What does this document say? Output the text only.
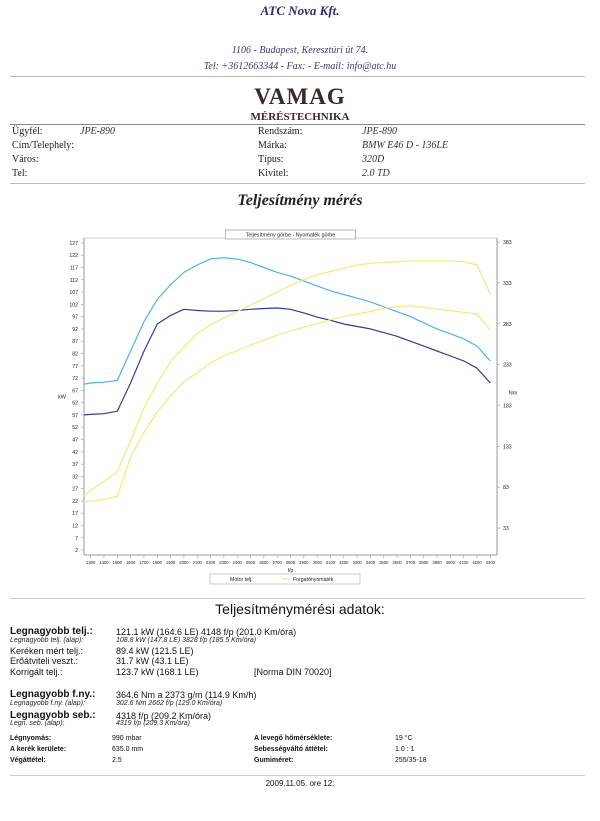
ATC Nova Kft.
1106 - Budapest, Keresztúri út 74.
Tel: +3612663344 - Fax: - E-mail: info@atc.hu
VAMAG
MÉRÉSTECHNIKA
Ügyfél:	JPE-890
Cím/Telephely:
Város:
Tel:
Rendszám:	JPE-890
Márka:	BMW E46 D - 136LE
Típus:	320D
Kivitel:	2.0 TD
Teljesítmény mérés
127
122
117
112
107
102
97
92
87
82
77
72
67
62
57
52
47
42
37
32
27
22
17
12
7
2
383
333
283
233
183
133
83
33
1300 1400 1500 1600 1700 1800 1900 2000 2100 2200 2300 2400 2500 2600 2700 2800 2900 3000 3100 3200 3300 3400 3500 3600 3700 3800 3900 4000 4100 4200 4300
kW
Nm
f/p
Teljesítmény görbe - Nyomaték görbe
Motor telj.	Forgatónyomaték
Teljesítménymérési adatok:
Legnagyobb telj.:	121.1 kW (164.6 LE) 4148 f/p (201.0 Km/óra)
Legnagyobb telj. (alap):	108.8 kW (147.8 LE) 3828 f/p (185.5 Km/óra)
Keréken mért telj.:	89.4 kW (121.5 LE)
Erőátviteli veszt.:	31.7 kW (43.1 LE)
Korrigált telj.:	123.7 kW (168.1 LE)	[Norma DIN 70020]
Legnagyobb f.ny.: 364.6 Nm a 2373 g/m (114.9 Km/h)
Legnagyobb f.ny. (alap):	302.6 Nm 2662 f/p (129.0 Km/óra)
Legnagyobb seb.: 4318 f/p (209.2 Km/óra)
Legn. seb. (alap):	4319 f/p (209.3 Km/óra)
Légnyomás:	990 mbar
A kerék kerülete:	635.0 mm
Végáttétel:	2.5
A levegő hőmérséklete:	19 °C
Sebességváltó áttétel:	1.0 : 1
Gumiméret:	255/35-18
2009.11.05. ore 12:
